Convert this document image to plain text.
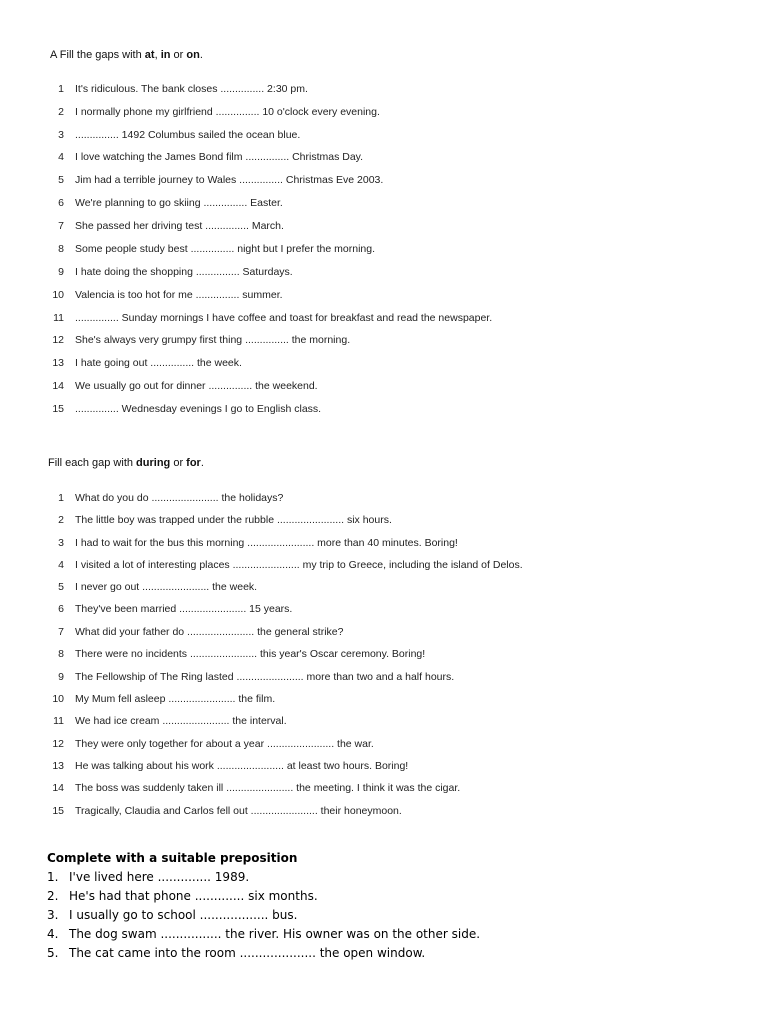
A Fill the gaps with at, in or on.
1 It's ridiculous. The bank closes ............... 2:30 pm.
2 I normally phone my girlfriend ............... 10 o'clock every evening.
3 ............... 1492 Columbus sailed the ocean blue.
4 I love watching the James Bond film ............... Christmas Day.
5 Jim had a terrible journey to Wales ............... Christmas Eve 2003.
6 We're planning to go skiing ............... Easter.
7 She passed her driving test ............... March.
8 Some people study best ............... night but I prefer the morning.
9 I hate doing the shopping ............... Saturdays.
10 Valencia is too hot for me ............... summer.
11 ............... Sunday mornings I have coffee and toast for breakfast and read the newspaper.
12 She's always very grumpy first thing ............... the morning.
13 I hate going out ............... the week.
14 We usually go out for dinner ............... the weekend.
15 ............... Wednesday evenings I go to English class.
Fill each gap with during or for.
1 What do you do ....................... the holidays?
2 The little boy was trapped under the rubble ....................... six hours.
3 I had to wait for the bus this morning ....................... more than 40 minutes. Boring!
4 I visited a lot of interesting places ....................... my trip to Greece, including the island of Delos.
5 I never go out ....................... the week.
6 They've been married ....................... 15 years.
7 What did your father do ....................... the general strike?
8 There were no incidents ....................... this year's Oscar ceremony. Boring!
9 The Fellowship of The Ring lasted ....................... more than two and a half hours.
10 My Mum fell asleep ....................... the film.
11 We had ice cream ....................... the interval.
12 They were only together for about a year ....................... the war.
13 He was talking about his work ....................... at least two hours. Boring!
14 The boss was suddenly taken ill ....................... the meeting. I think it was the cigar.
15 Tragically, Claudia and Carlos fell out ....................... their honeymoon.
Complete with a suitable preposition
1. I've lived here .............. 1989.
2. He's had that phone ............. six months.
3. I usually go to school .................. bus.
4. The dog swam ................ the river. His owner was on the other side.
5. The cat came into the room .................... the open window.
